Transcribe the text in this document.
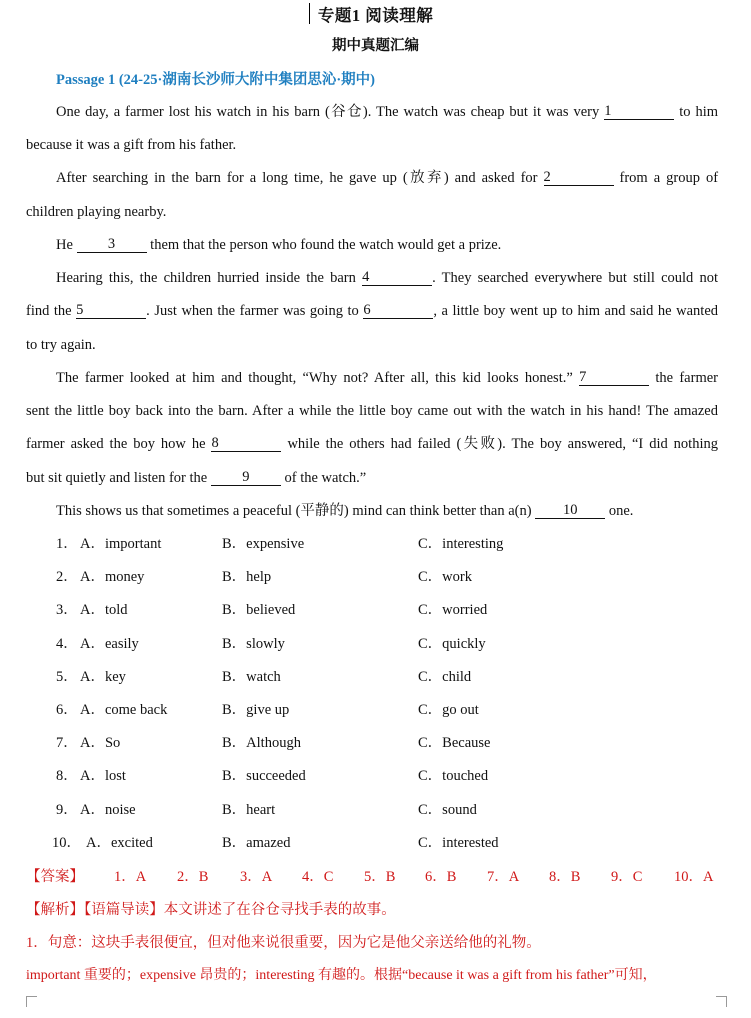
专题1 阅读理解
期中真题汇编
Passage 1 (24-25·湖南长沙师大附中集团思沁·期中)
One day, a farmer lost his watch in his barn (谷仓). The watch was cheap but it was very 1	to him
because it was a gift from his father.
After searching in the barn for a long time, he gave up (放弃) and asked for 2	from a group of
children playing nearby.
He 3 them that the person who found the watch would get a prize.
Hearing this, the children hurried inside the barn 4	. They searched everywhere but still could not
find the 5	. Just when the farmer was going to 6	, a little boy went up to him and said he wanted
to try again.
The farmer looked at him and thought, “Why not? After all, this kid looks honest.” 7	the farmer
sent the little boy back into the barn. After a while the little boy came out with the watch in his hand! The amazed
farmer asked the boy how he 8	while the others had failed (失败). The boy answered, “I did nothing
but sit quietly and listen for the 9 of the watch.”
This shows us that sometimes a peaceful (平静的) mind can think better than a(n) 10 one.
1． A．important	B．expensive	C．interesting
2． A．money	B．help	C．work
3． A．told	B．believed	C．worried
4． A．easily	B．slowly	C．quickly
5． A．key	B．watch	C．child
6． A．come back	B．give up	C．go out
7． A．So	B．Although	C．Because
8． A．lost	B．succeeded	C．touched
9． A．noise	B．heart	C．sound
10． A．excited	B．amazed	C．interested
【答案】 1．A 2．B 3．A 4．C 5．B 6．B 7．A 8．B 9．C 10．A
【解析】【语篇导读】本文讲述了在谷仓寻找手表的故事。
1．句意：这块手表很便宜，但对他来说很重要，因为它是他父亲送给他的礼物。
important 重要的；expensive 昂贵的；interesting 有趣的。根据“because it was a gift from his father”可知，
